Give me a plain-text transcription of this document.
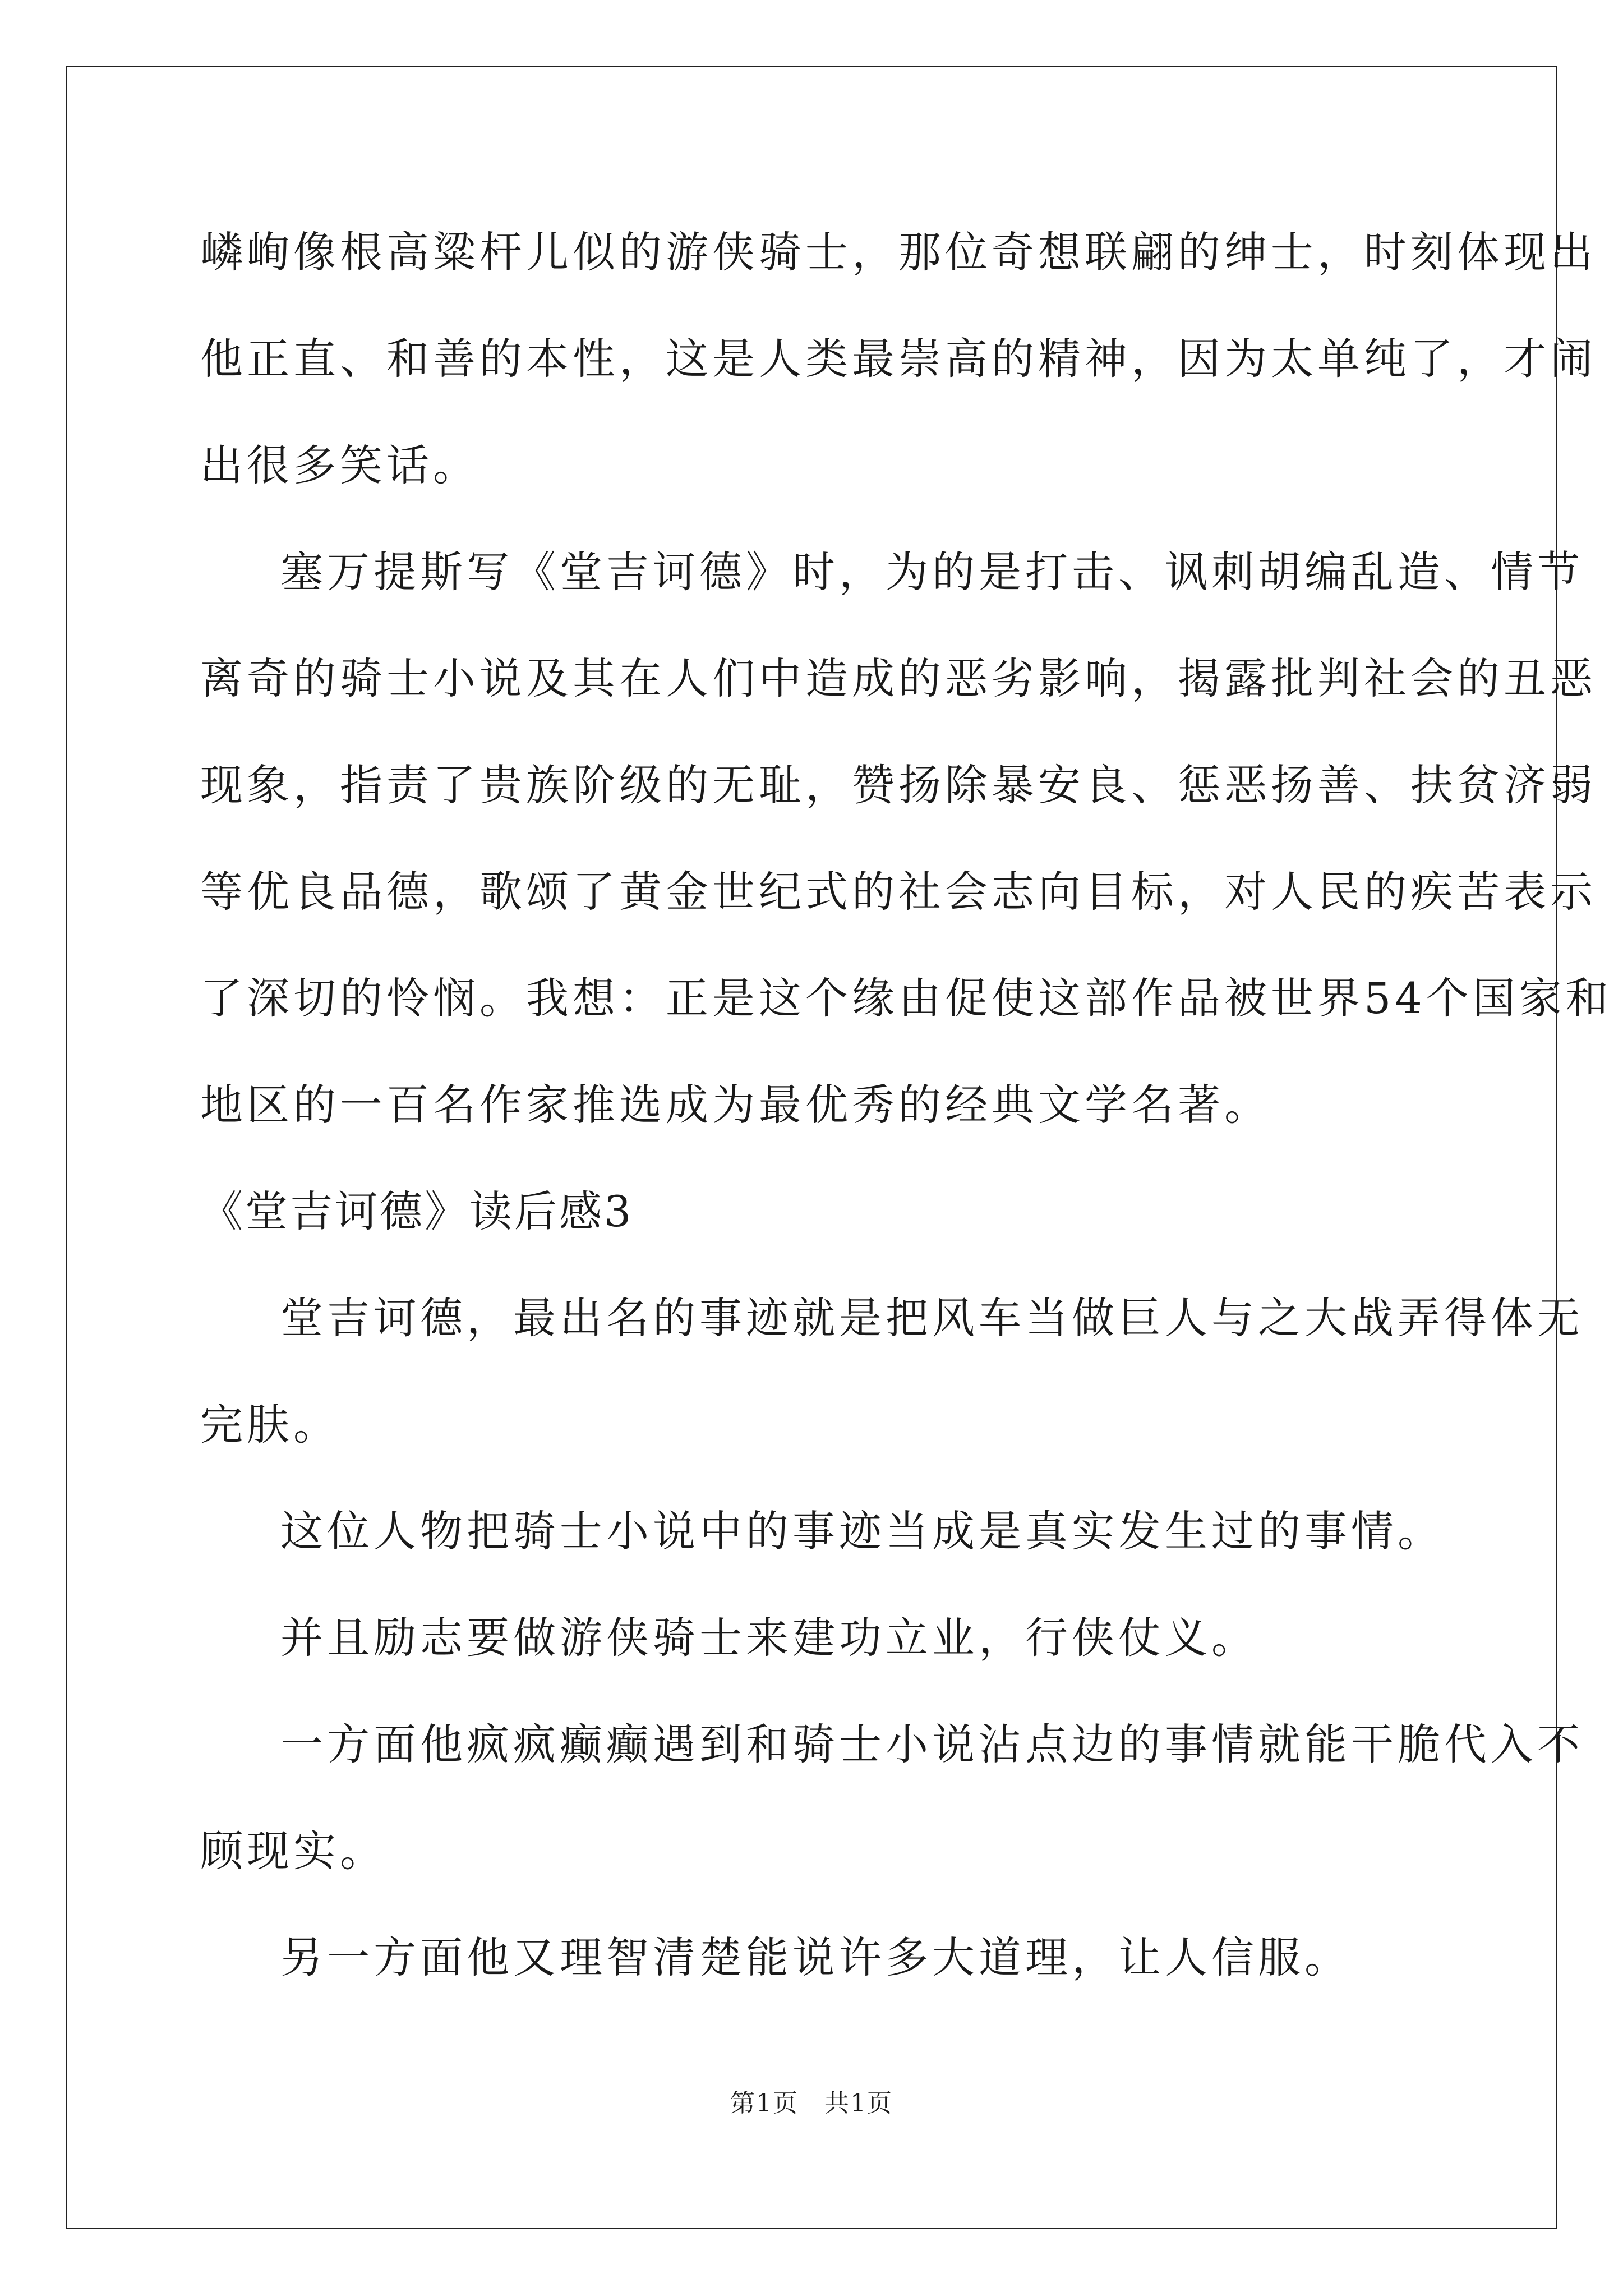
嶙峋像根高粱杆儿似的游侠骑士，那位奇想联翩的绅士，时刻体现出
他正直、和善的本性，这是人类最崇高的精神，因为太单纯了，才闹
出很多笑话。
塞万提斯写《堂吉诃德》时，为的是打击、讽刺胡编乱造、情节
离奇的骑士小说及其在人们中造成的恶劣影响，揭露批判社会的丑恶
现象，指责了贵族阶级的无耻，赞扬除暴安良、惩恶扬善、扶贫济弱
等优良品德，歌颂了黄金世纪式的社会志向目标，对人民的疾苦表示
了深切的怜悯。我想：正是这个缘由促使这部作品被世界54个国家和
地区的一百名作家推选成为最优秀的经典文学名著。
《堂吉诃德》读后感3
堂吉诃德，最出名的事迹就是把风车当做巨人与之大战弄得体无
完肤。
这位人物把骑士小说中的事迹当成是真实发生过的事情。
并且励志要做游侠骑士来建功立业，行侠仗义。
一方面他疯疯癫癫遇到和骑士小说沾点边的事情就能干脆代入不
顾现实。
另一方面他又理智清楚能说许多大道理，让人信服。
第1页　共1页
